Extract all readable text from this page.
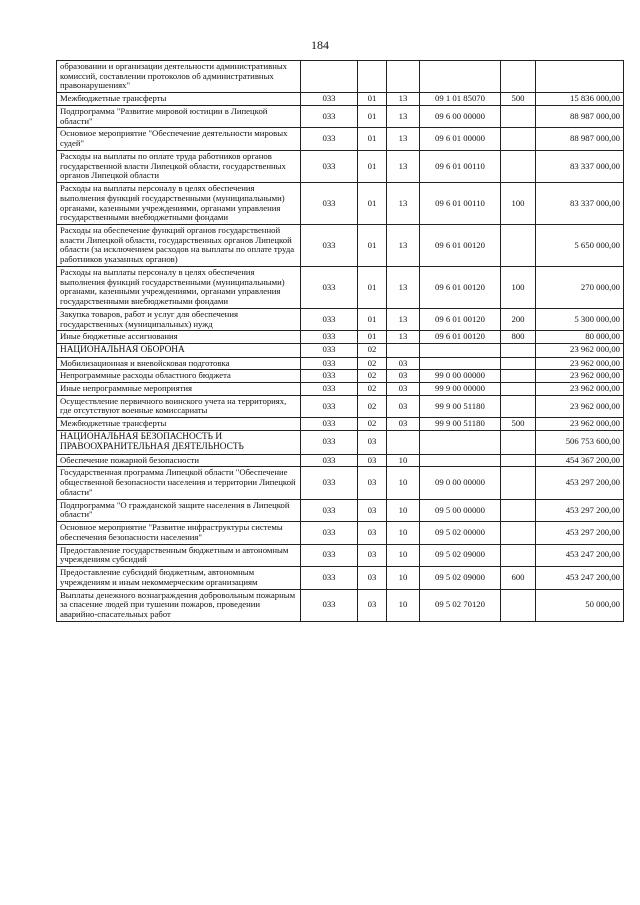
184
образовании и организации деятельности административных комиссий, составлении протоколов об административных правонарушениях"						
Межбюджетные трансферты	033	01	13	09 1 01 85070	500	15 836 000,00
Подпрограмма "Развитие мировой юстиции в Липецкой области"	033	01	13	09 6 00 00000		88 987 000,00
Основное мероприятие "Обеспечение деятельности мировых судей"	033	01	13	09 6 01 00000		88 987 000,00
Расходы на выплаты по оплате труда работников органов государственной власти Липецкой области, государственных органов Липецкой области	033	01	13	09 6 01 00110		83 337 000,00
Расходы на выплаты персоналу в целях обеспечения выполнения функций государственными (муниципальными) органами, казенными учреждениями, органами управления государственными внебюджетными фондами	033	01	13	09 6 01 00110	100	83 337 000,00
Расходы на обеспечение функций органов государственной власти Липецкой области, государственных органов Липецкой области (за исключением расходов на выплаты по оплате труда работников указанных органов)	033	01	13	09 6 01 00120		5 650 000,00
Расходы на выплаты персоналу в целях обеспечения выполнения функций государственными (муниципальными) органами, казенными учреждениями, органами управления государственными внебюджетными фондами	033	01	13	09 6 01 00120	100	270 000,00
Закупка товаров, работ и услуг для обеспечения государственных (муниципальных) нужд	033	01	13	09 6 01 00120	200	5 300 000,00
Иные бюджетные ассигнования	033	01	13	09 6 01 00120	800	80 000,00
НАЦИОНАЛЬНАЯ ОБОРОНА	033	02				23 962 000,00
Мобилизационная и вневойсковая подготовка	033	02	03			23 962 000,00
Непрограммные расходы областного бюджета	033	02	03	99 0 00 00000		23 962 000,00
Иные непрограммные мероприятия	033	02	03	99 9 00 00000		23 962 000,00
Осуществление первичного воинского учета на территориях, где отсутствуют военные комиссариаты	033	02	03	99 9 00 51180		23 962 000,00
Межбюджетные трансферты	033	02	03	99 9 00 51180	500	23 962 000,00
НАЦИОНАЛЬНАЯ БЕЗОПАСНОСТЬ И ПРАВООХРАНИТЕЛЬНАЯ ДЕЯТЕЛЬНОСТЬ	033	03				506 753 600,00
Обеспечение пожарной безопасности	033	03	10			454 367 200,00
Государственная программа Липецкой области "Обеспечение общественной безопасности населения и территории Липецкой области"	033	03	10	09 0 00 00000		453 297 200,00
Подпрограмма "О гражданской защите населения в Липецкой области"	033	03	10	09 5 00 00000		453 297 200,00
Основное мероприятие "Развитие инфраструктуры системы обеспечения безопасности населения"	033	03	10	09 5 02 00000		453 297 200,00
Предоставление государственным бюджетным и автономным учреждениям субсидий	033	03	10	09 5 02 09000		453 247 200,00
Предоставление субсидий бюджетным, автономным учреждениям и иным некоммерческим организациям	033	03	10	09 5 02 09000	600	453 247 200,00
Выплаты денежного вознаграждения добровольным пожарным за спасение людей при тушении пожаров, проведении аварийно-спасательных работ	033	03	10	09 5 02 70120		50 000,00
